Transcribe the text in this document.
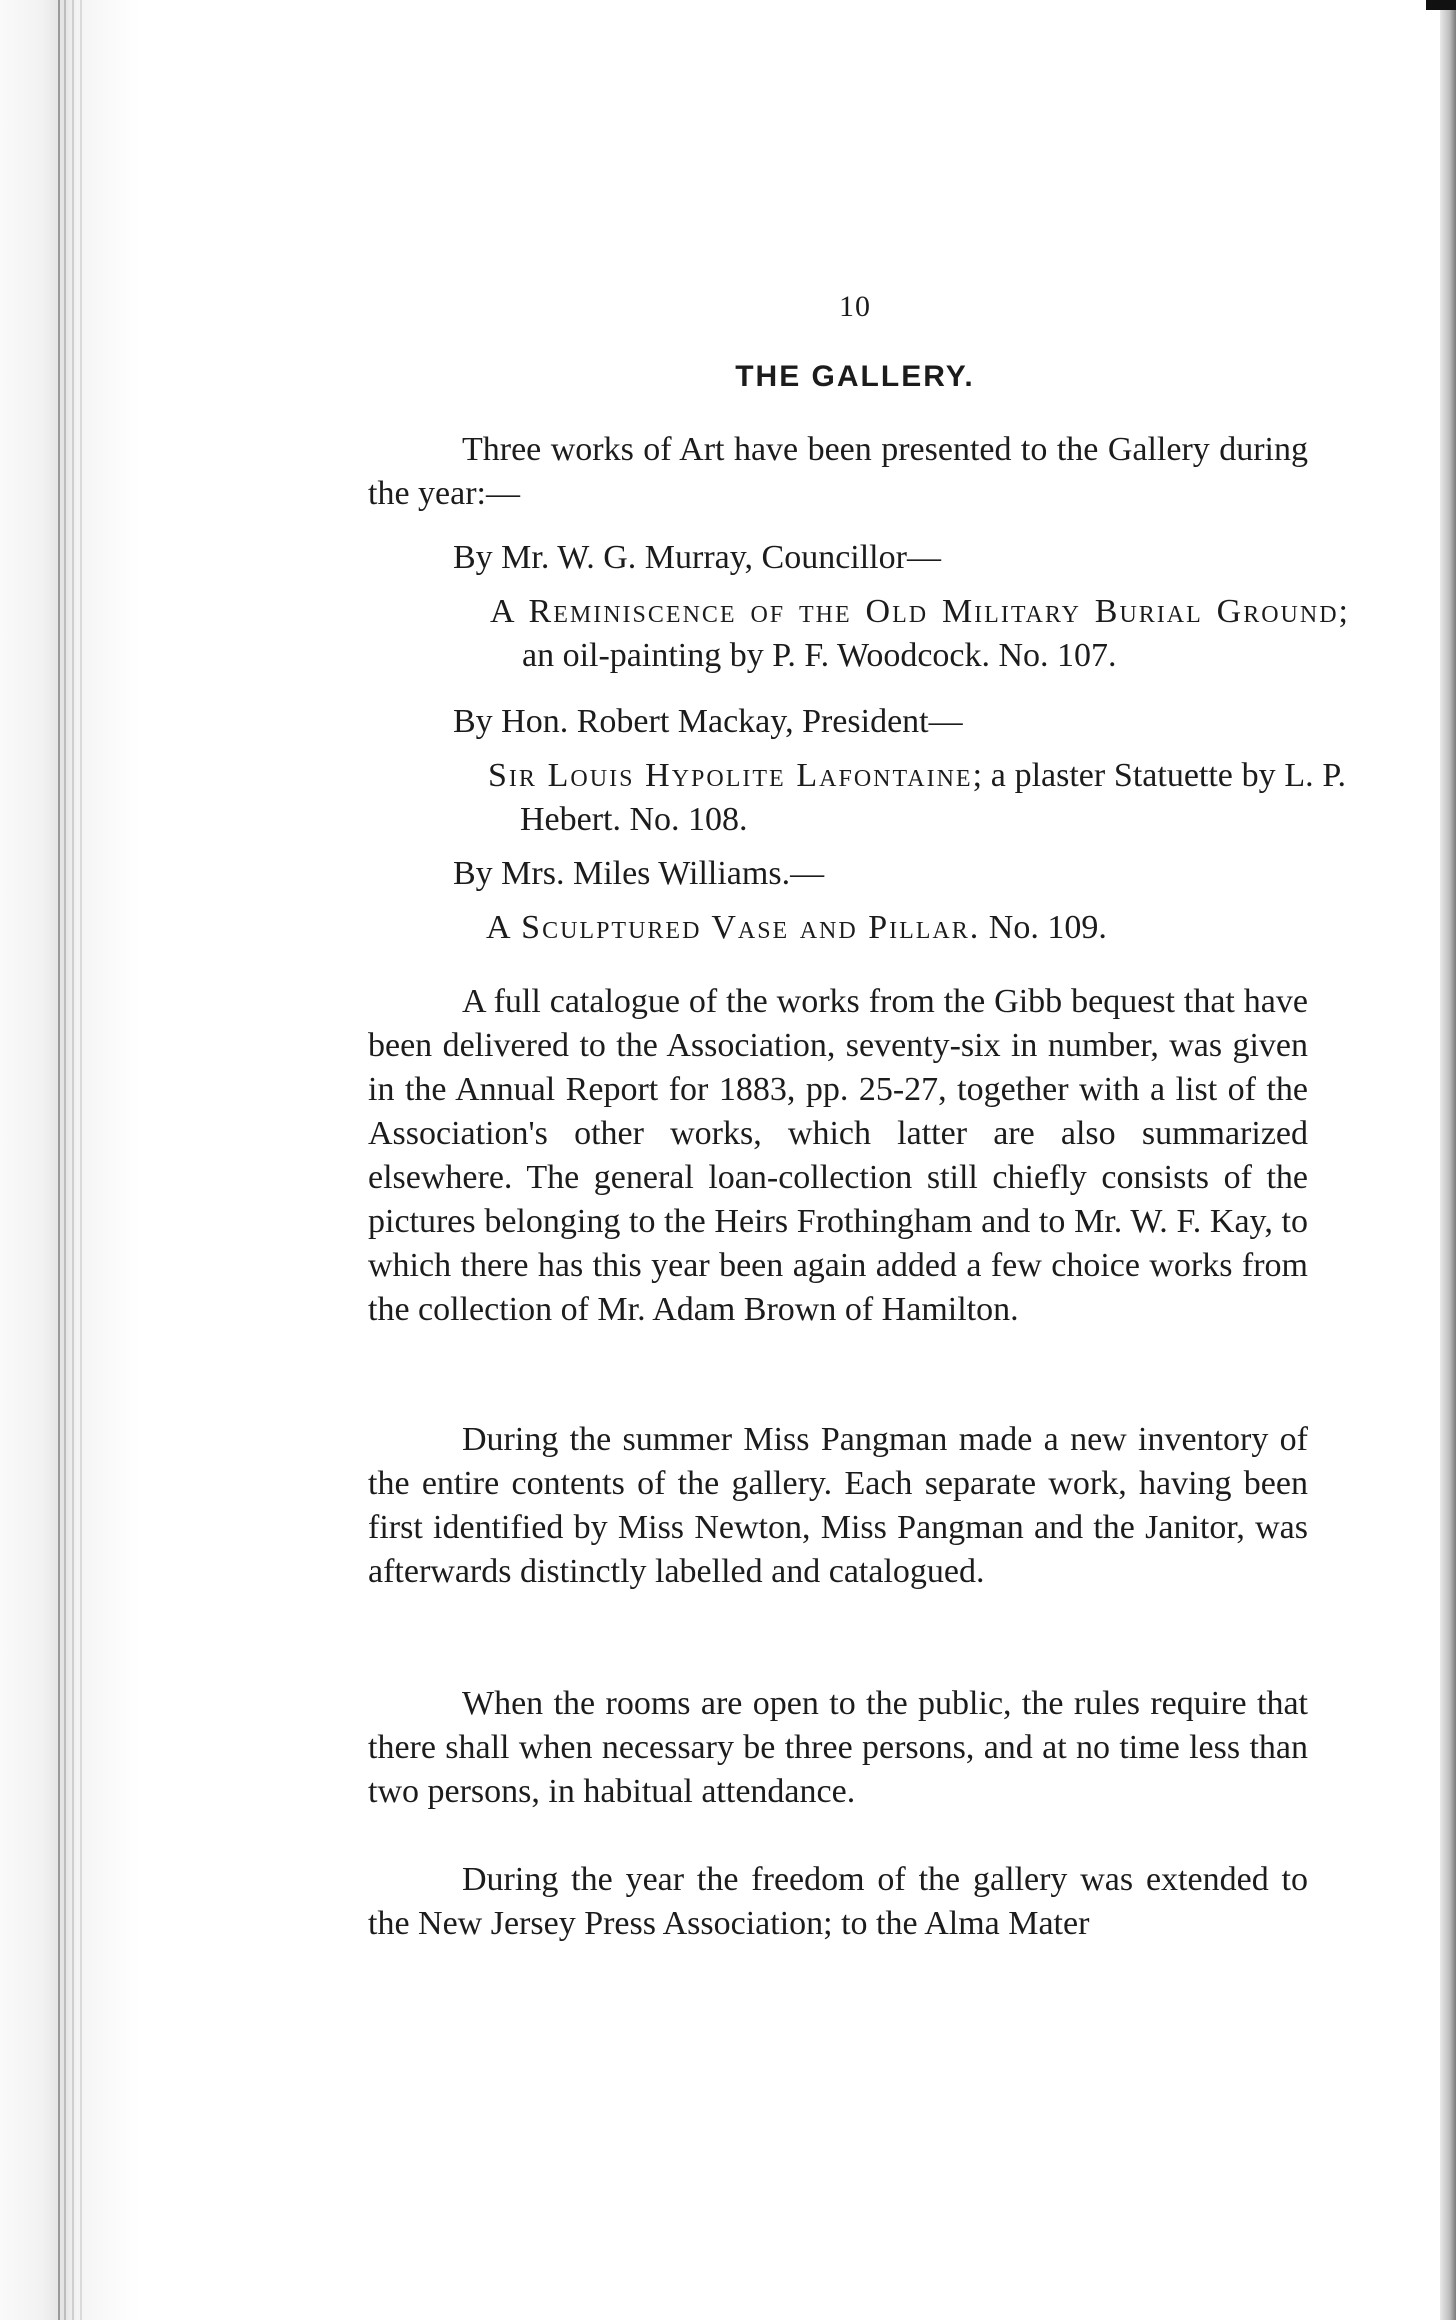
10
THE GALLERY.

Three works of Art have been presented to the Gallery during the year:—

By Mr. W. G. Murray, Councillor—

A Reminiscence of the Old Military Burial Ground; an oil-painting by P. F. Woodcock. No. 107.

By Hon. Robert Mackay, President—

Sir Louis Hypolite Lafontaine; a plaster Statuette by L. P. Hebert. No. 108.

By Mrs. Miles Williams.—

A Sculptured Vase and Pillar. No. 109.

A full catalogue of the works from the Gibb bequest that have been delivered to the Association, seventy-six in number, was given in the Annual Report for 1883, pp. 25-27, together with a list of the Association's other works, which latter are also summarized elsewhere. The general loan-collection still chiefly consists of the pictures belonging to the Heirs Frothingham and to Mr. W. F. Kay, to which there has this year been again added a few choice works from the collection of Mr. Adam Brown of Hamilton.

During the summer Miss Pangman made a new inventory of the entire contents of the gallery. Each separate work, having been first identified by Miss Newton, Miss Pangman and the Janitor, was afterwards distinctly labelled and catalogued.

When the rooms are open to the public, the rules require that there shall when necessary be three persons, and at no time less than two persons, in habitual attendance.

During the year the freedom of the gallery was extended to the New Jersey Press Association; to the Alma Mater
